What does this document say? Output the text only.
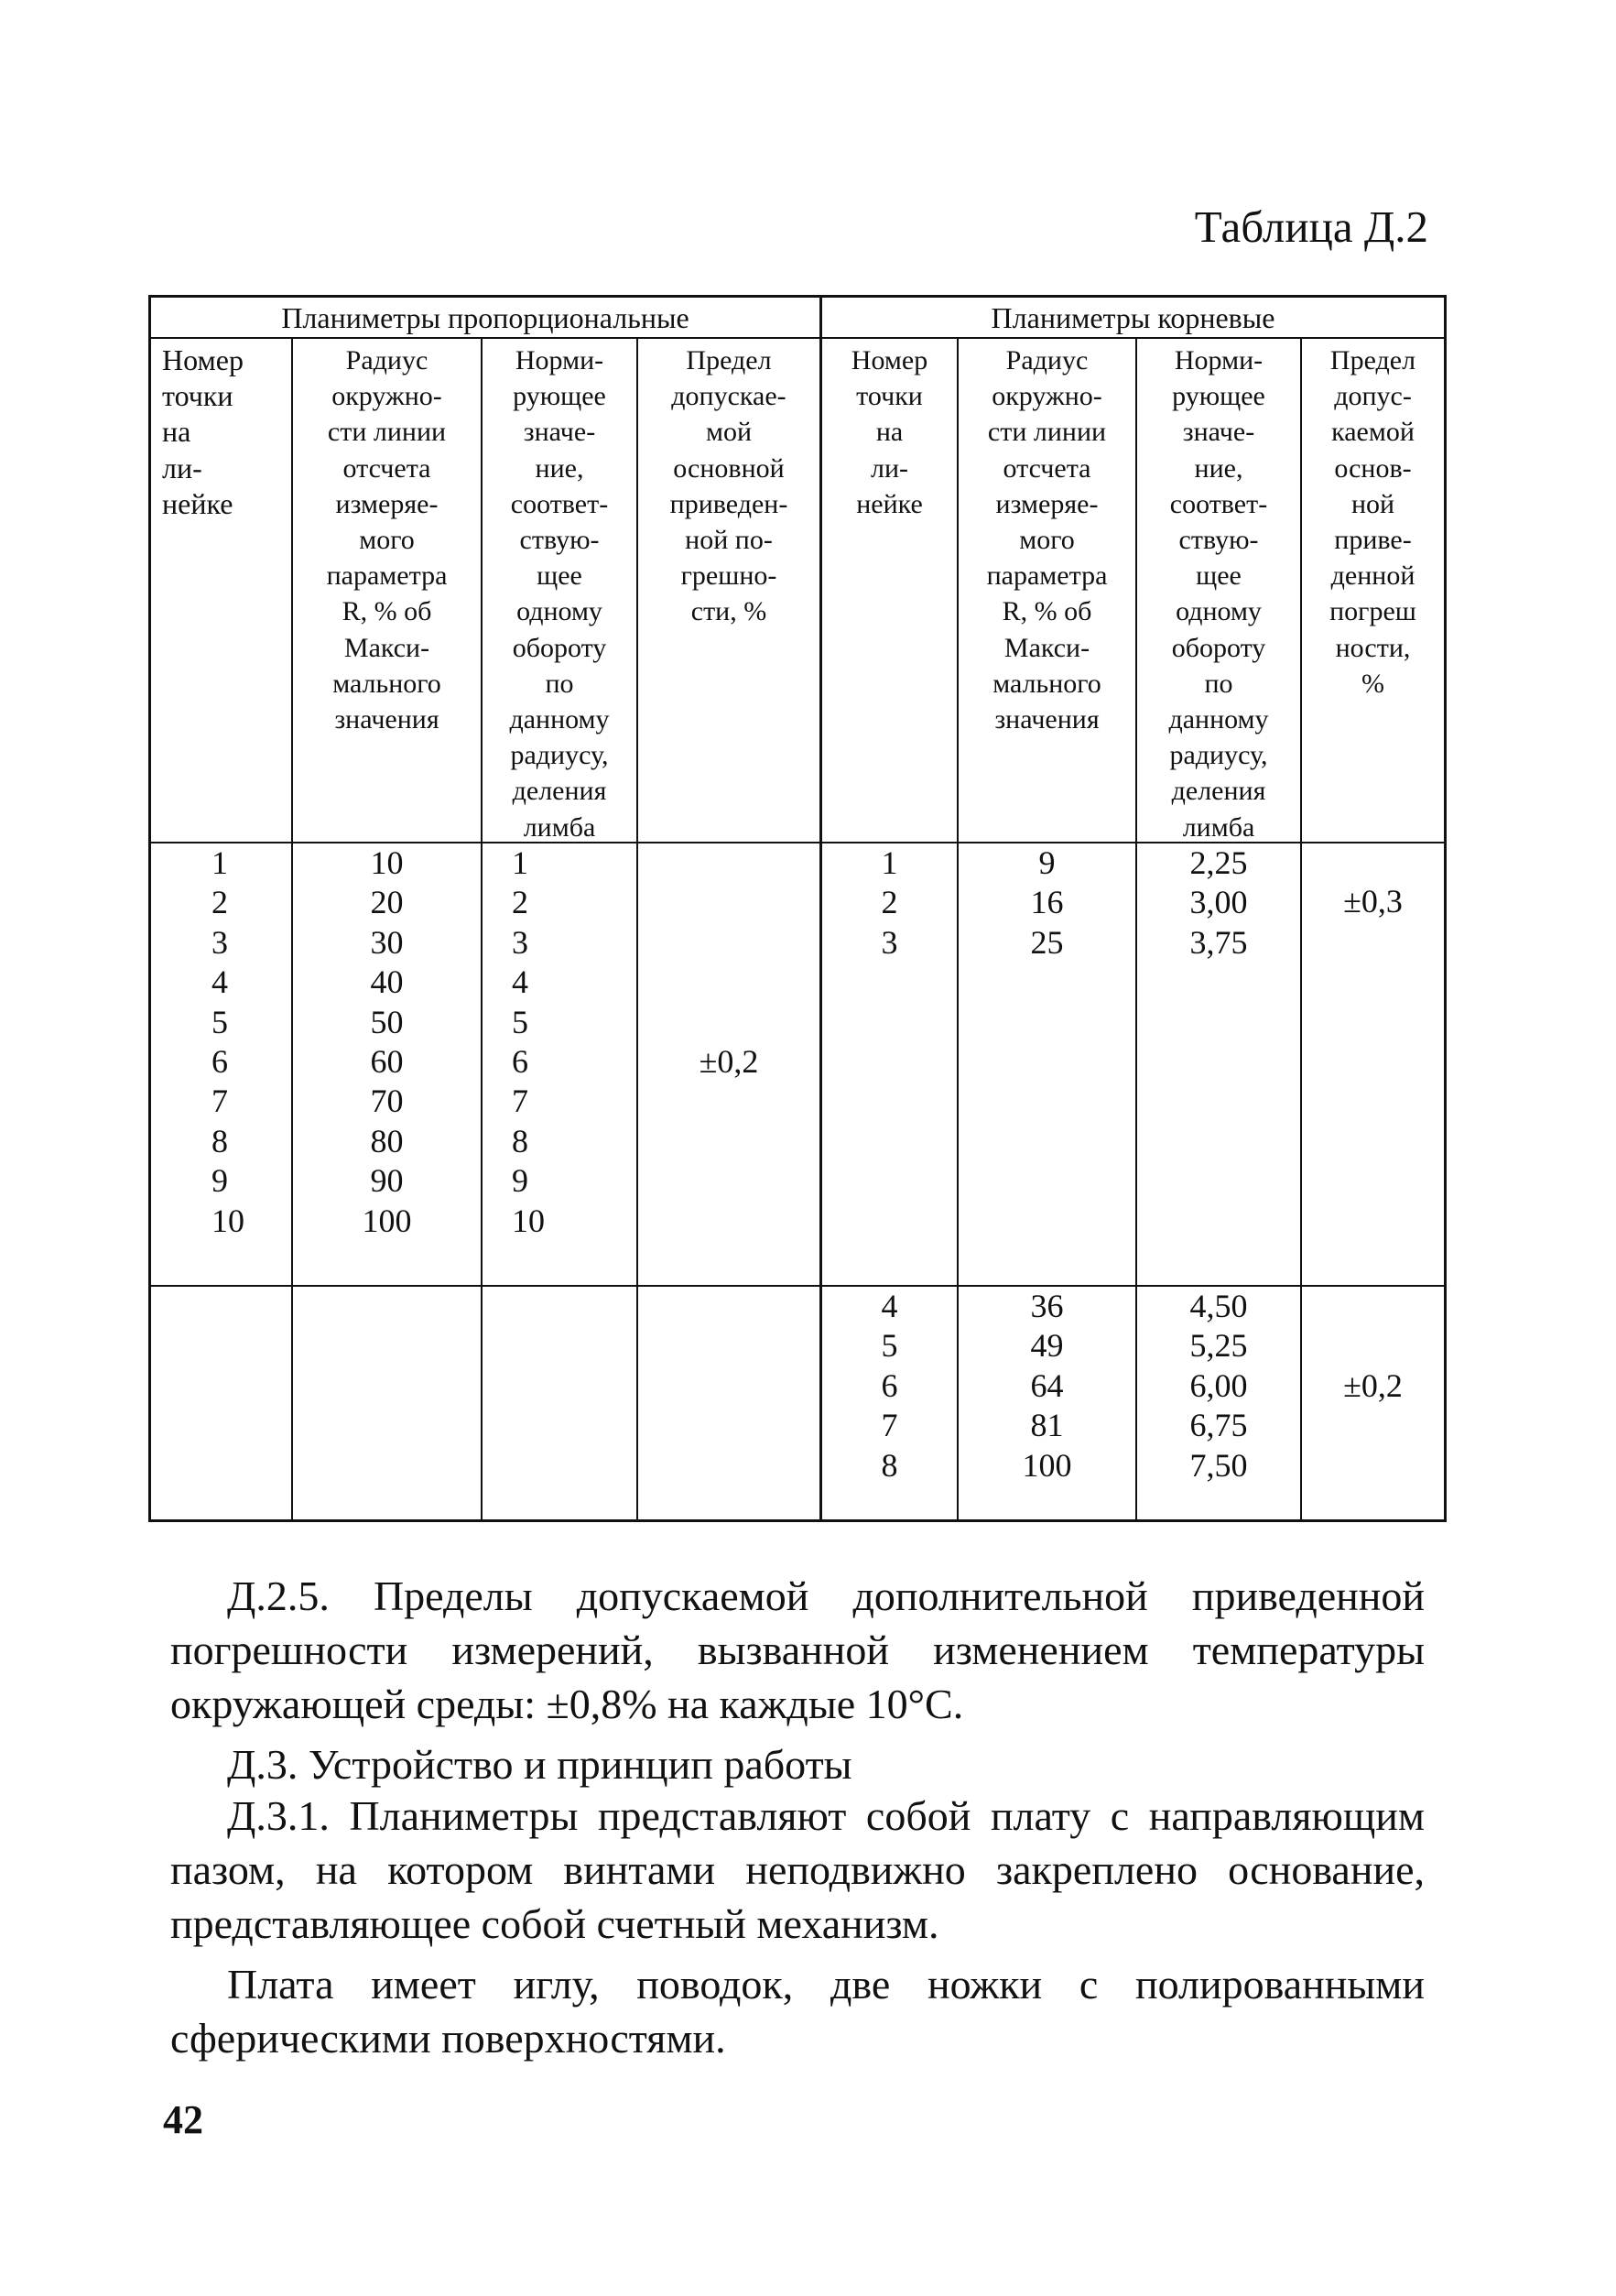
Таблица Д.2
Планиметры пропорциональные	Планиметры корневые
Номер
точки
на
ли-
нейке
Радиус
окружно-
сти линии
отсчета
измеряе-
мого
параметра
R, % об
Макси-
мального
значения
Норми-
рующее
значе-
ние,
соответ-
ствую-
щее
одному
обороту
по
данному
радиусу,
деления
лимба
Предел
допускае-
мой
основной
приведен-
ной по-
грешно-
сти, %
Номер
точки
на
ли-
нейке
Радиус
окружно-
сти линии
отсчета
измеряе-
мого
параметра
R, % об
Макси-
мального
значения
Норми-
рующее
значе-
ние,
соответ-
ствую-
щее
одному
обороту
по
данному
радиусу,
деления
лимба
Предел
допус-
каемой
основ-
ной
приве-
денной
погреш
ности,
%
1
2
3
4
5
6
7
8
9
10
10
20
30
40
50
60
70
80
90
100
1
2
3
4
5
6
7
8
9
10
±0,2
1
2
3
9
16
25
2,25
3,00
3,75
±0,3
4
5
6
7
8
36
49
64
81
100
4,50
5,25
6,00
6,75
7,50
±0,2
Д.2.5. Пределы допускаемой дополнительной приведенной погрешности измерений, вызванной изменением температуры окружающей среды: ±0,8% на каждые 10°С.
Д.3. Устройство и принцип работы
Д.3.1. Планиметры представляют собой плату с направляющим пазом, на котором винтами неподвижно закреплено основание, представляющее собой счетный механизм.
Плата имеет иглу, поводок, две ножки с полированными сферическими поверхностями.
42
